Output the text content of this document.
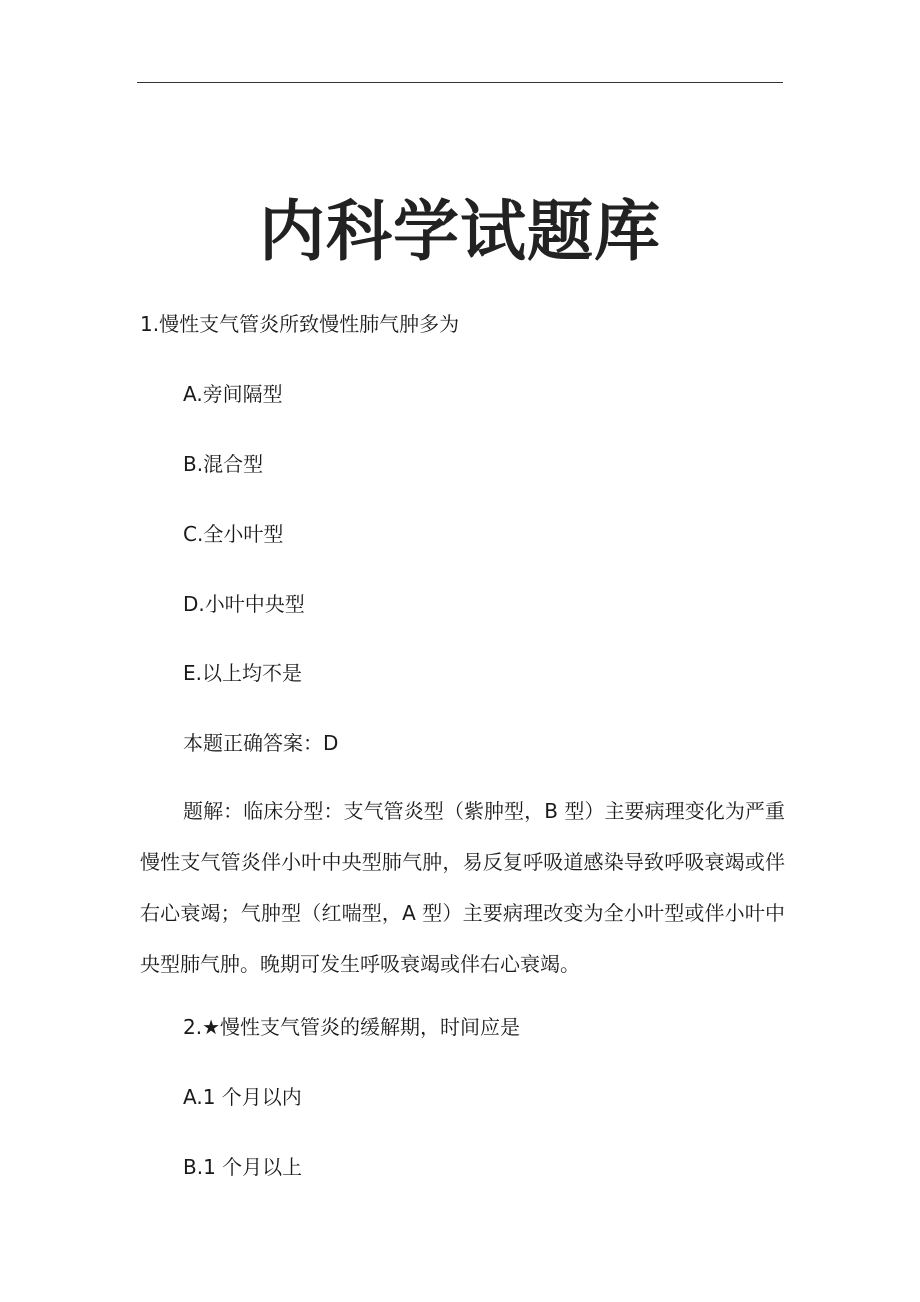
内科学试题库
1.慢性支气管炎所致慢性肺气肿多为
A.旁间隔型
B.混合型
C.全小叶型
D.小叶中央型
E.以上均不是
本题正确答案：D

题解：临床分型：支气管炎型（紫肿型，B 型）主要病理变化为严重慢性支气管炎伴小叶中央型肺气肿，易反复呼吸道感染导致呼吸衰竭或伴右心衰竭；气肿型（红喘型，A 型）主要病理改变为全小叶型或伴小叶中央型肺气肿。晚期可发生呼吸衰竭或伴右心衰竭。

2.★慢性支气管炎的缓解期，时间应是
A.1 个月以内
B.1 个月以上
